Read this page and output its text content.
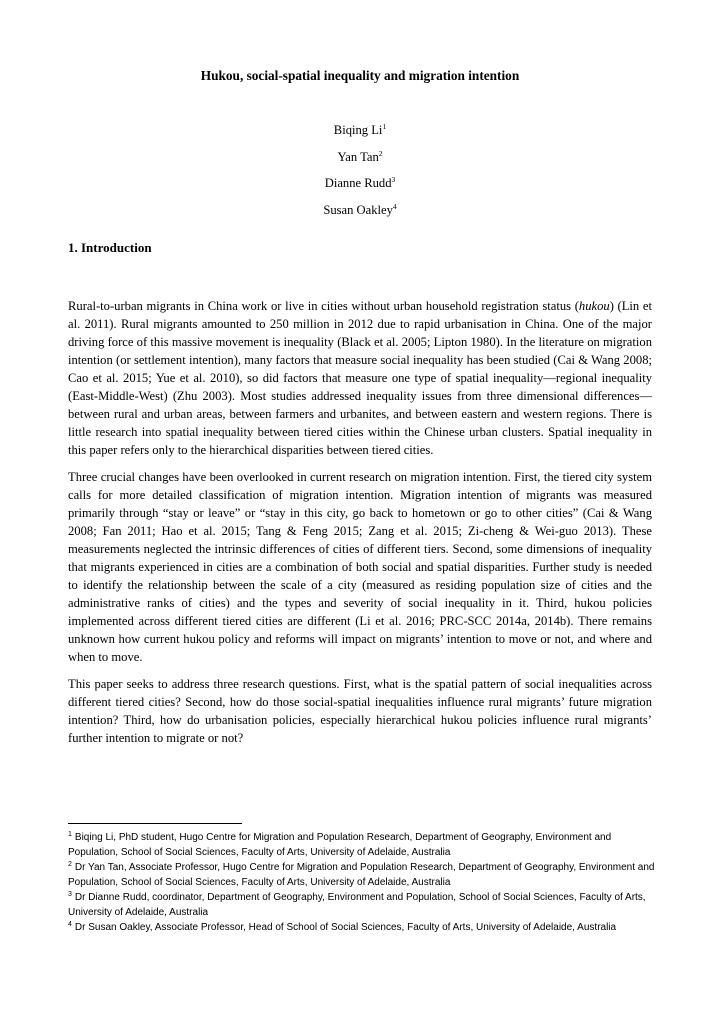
Hukou, social-spatial inequality and migration intention
Biqing Li$^1$
Yan Tan$^2$
Dianne Rudd$^3$
Susan Oakley$^4$
1. Introduction

Rural-to-urban migrants in China work or live in cities without urban household registration status (hukou) (Lin et al. 2011). Rural migrants amounted to 250 million in 2012 due to rapid urbanisation in China. One of the major driving force of this massive movement is inequality (Black et al. 2005; Lipton 1980). In the literature on migration intention (or settlement intention), many factors that measure social inequality has been studied (Cai & Wang 2008; Cao et al. 2015; Yue et al. 2010), so did factors that measure one type of spatial inequality—regional inequality (East-Middle-West) (Zhu 2003). Most studies addressed inequality issues from three dimensional differences— between rural and urban areas, between farmers and urbanites, and between eastern and western regions. There is little research into spatial inequality between tiered cities within the Chinese urban clusters. Spatial inequality in this paper refers only to the hierarchical disparities between tiered cities.

Three crucial changes have been overlooked in current research on migration intention. First, the tiered city system calls for more detailed classification of migration intention. Migration intention of migrants was measured primarily through “stay or leave” or “stay in this city, go back to hometown or go to other cities” (Cai & Wang 2008; Fan 2011; Hao et al. 2015; Tang & Feng 2015; Zang et al. 2015; Zi-cheng & Wei-guo 2013). These measurements neglected the intrinsic differences of cities of different tiers. Second, some dimensions of inequality that migrants experienced in cities are a combination of both social and spatial disparities. Further study is needed to identify the relationship between the scale of a city (measured as residing population size of cities and the administrative ranks of cities) and the types and severity of social inequality in it. Third, hukou policies implemented across different tiered cities are different (Li et al. 2016; PRC-SCC 2014a, 2014b). There remains unknown how current hukou policy and reforms will impact on migrants’ intention to move or not, and where and when to move.

This paper seeks to address three research questions. First, what is the spatial pattern of social inequalities across different tiered cities? Second, how do those social-spatial inequalities influence rural migrants’ future migration intention? Third, how do urbanisation policies, especially hierarchical hukou policies influence rural migrants’ further intention to migrate or not?

$^1$ Biqing Li, PhD student, Hugo Centre for Migration and Population Research, Department of Geography, Environment and Population, School of Social Sciences, Faculty of Arts, University of Adelaide, Australia

$^2$ Dr Yan Tan, Associate Professor, Hugo Centre for Migration and Population Research, Department of Geography, Environment and Population, School of Social Sciences, Faculty of Arts, University of Adelaide, Australia

$^3$ Dr Dianne Rudd, coordinator, Department of Geography, Environment and Population, School of Social Sciences, Faculty of Arts, University of Adelaide, Australia

$^4$ Dr Susan Oakley, Associate Professor, Head of School of Social Sciences, Faculty of Arts, University of Adelaide, Australia
